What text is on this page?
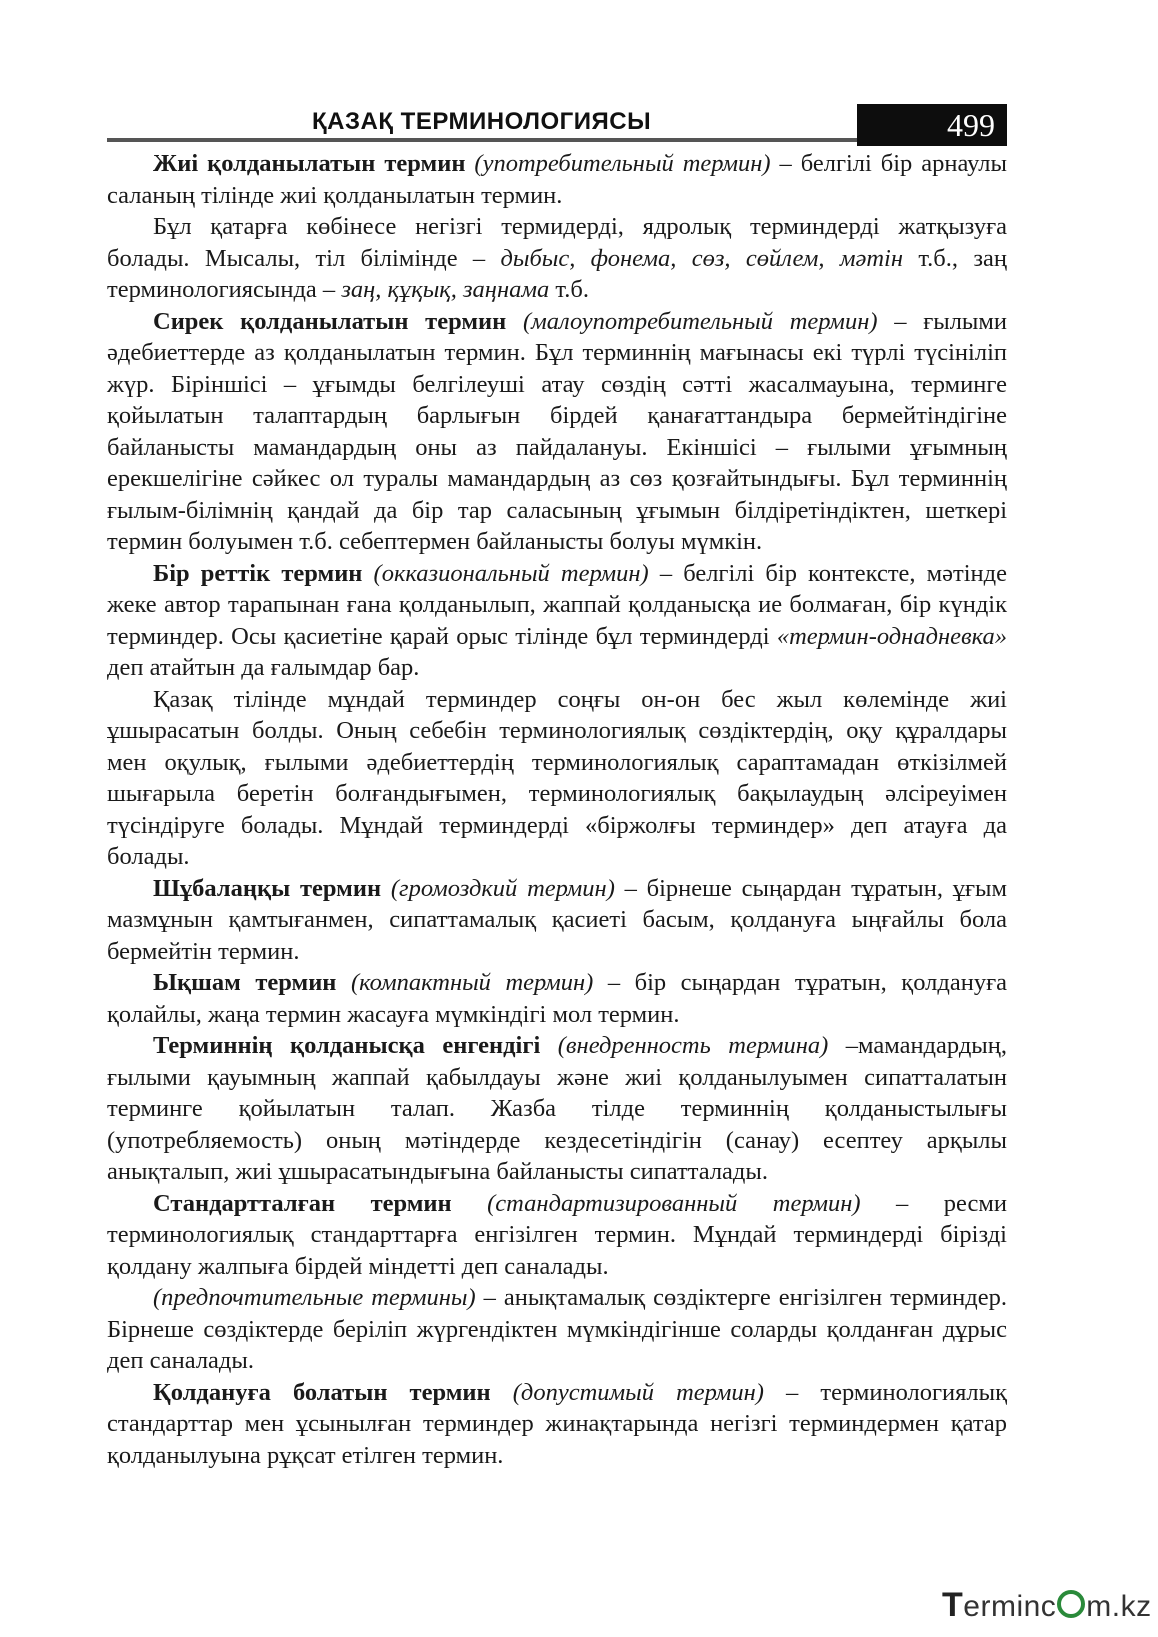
ҚАЗАҚ ТЕРМИНОЛОГИЯСЫ	499

Жиі қолданылатын термин (употребительный термин) – белгілі бір арнаулы саланың тілінде жиі қолданылатын термин.

Бұл қатарға көбінесе негізгі термидерді, ядролық терминдерді жатқызуға болады. Мысалы, тіл білімінде – дыбыс, фонема, сөз, сөйлем, мәтін т.б., заң терминологиясында – заң, құқық, заңнама т.б.

Сирек қолданылатын термин (малоупотребительный термин) – ғылыми әдебиеттерде аз қолданылатын термин. Бұл терминнің мағынасы екі түрлі түсініліп жүр. Біріншісі – ұғымды белгілеуші атау сөздің сәтті жасалмауына, терминге қойылатын талаптардың барлығын бірдей қанағаттандыра бермейтіндігіне байланысты мамандардың оны аз пайдалануы. Екіншісі – ғылыми ұғымның ерекшелігіне сәйкес ол туралы мамандардың аз сөз қозғайтындығы. Бұл терминнің ғылым-білімнің қандай да бір тар саласының ұғымын білдіретіндіктен, шеткері термин болуымен т.б. себептермен байланысты болуы мүмкін.

Бір реттік термин (окказиональный термин) – белгілі бір контексте, мәтінде жеке автор тарапынан ғана қолданылып, жаппай қолданысқа ие болмаған, бір күндік терминдер. Осы қасиетіне қарай орыс тілінде бұл терминдерді «термин-однадневка» деп атайтын да ғалымдар бар.

Қазақ тілінде мұндай терминдер соңғы он-он бес жыл көлемінде жиі ұшырасатын болды. Оның себебін терминологиялық сөздіктердің, оқу құралдары мен оқулық, ғылыми әдебиеттердің терминологиялық сараптамадан өткізілмей шығарыла беретін болғандығымен, терминологиялық бақылаудың әлсіреуімен түсіндіруге болады. Мұндай терминдерді «біржолғы терминдер» деп атауға да болады.

Шұбалаңқы термин (громоздкий термин) – бірнеше сыңардан тұратын, ұғым мазмұнын қамтығанмен, сипаттамалық қасиеті басым, қолдануға ыңғайлы бола бермейтін термин.

Ықшам термин (компактный термин) – бір сыңардан тұратын, қолдануға қолайлы, жаңа термин жасауға мүмкіндігі мол термин.

Терминнің қолданысқа енгендігі (внедренность термина) –мамандардың, ғылыми қауымның жаппай қабылдауы және жиі қолданылуымен сипатталатын терминге қойылатын талап. Жазба тілде терминнің қолданыстылығы (употребляемость) оның мәтіндерде кездесетіндігін (санау) есептеу арқылы анықталып, жиі ұшырасатындығына байланысты сипатталады.

Стандартталған термин (стандартизированный термин) – ресми терминологиялық стандарттарға енгізілген термин. Мұндай терминдерді бірізді қолдану жалпыға бірдей міндетті деп саналады.

(предпочтительные термины) – анықтамалық сөздіктерге енгізілген терминдер. Бірнеше сөздіктерде беріліп жүргендіктен мүмкіндігінше соларды қолданған дұрыс деп саналады.

Қолдануға болатын термин (допустимый термин) – терминологиялық стандарттар мен ұсынылған терминдер жинақтарында негізгі терминдермен қатар қолданылуына рұқсат етілген термин.

Terminc m.kz
